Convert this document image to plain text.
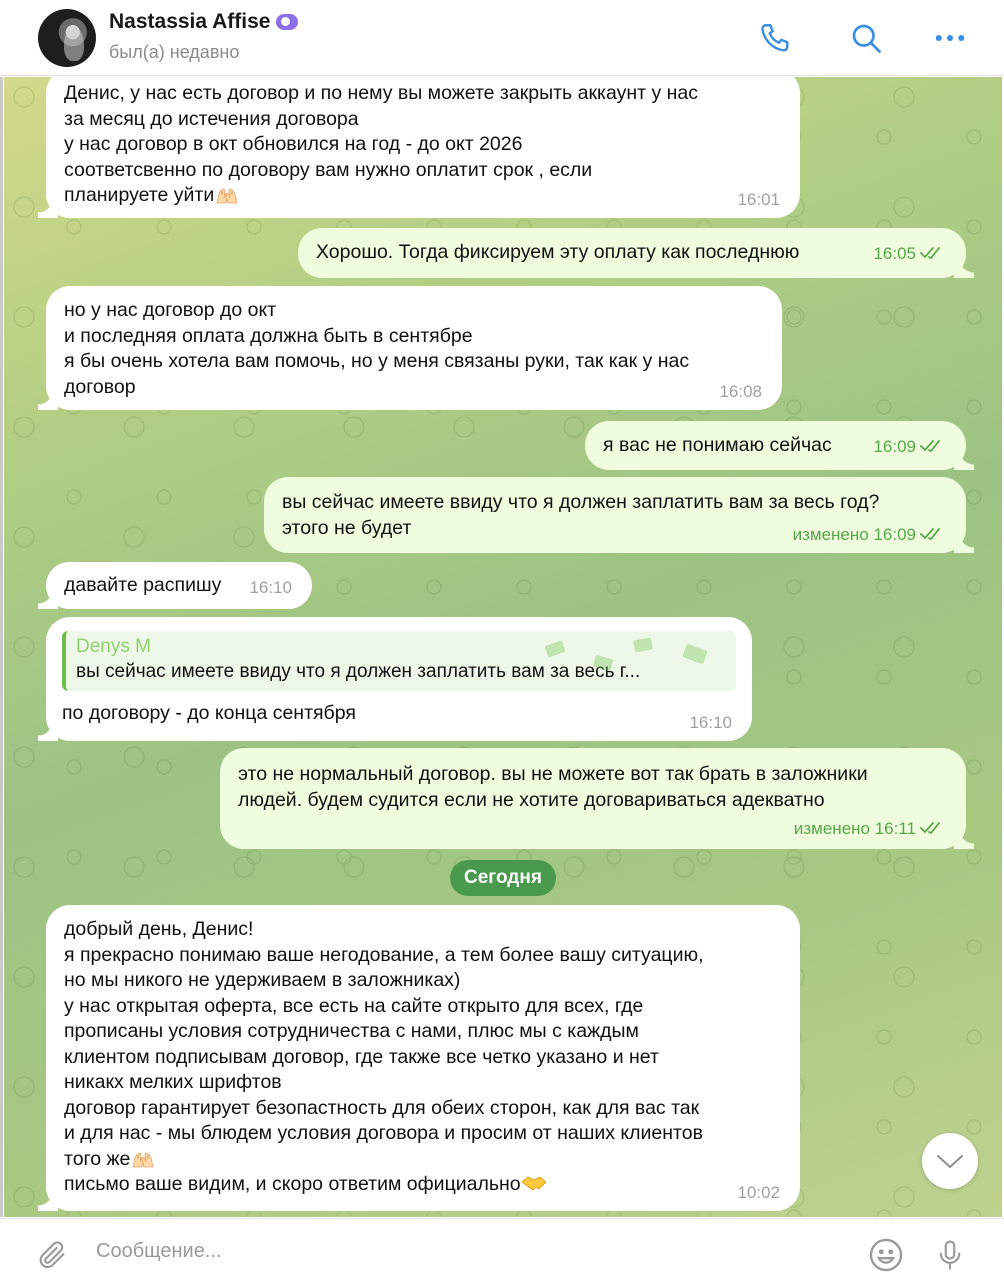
Nastassia Affise
был(а) недавно
Денис, у нас есть договор и по нему вы можете закрыть аккаунт у нас
за месяц до истечения договора
у нас договор в окт обновился на год - до окт 2026
соответсвенно по договору вам нужно оплатит срок , если
планируете уйти	16:01
Хорошо. Тогда фиксируем эту оплату как последнюю	16:05
но у нас договор до окт
и последняя оплата должна быть в сентябре
я бы очень хотела вам помочь, но у меня связаны руки, так как у нас
договор	16:08
я вас не понимаю сейчас	16:09
вы сейчас имеете ввиду что я должен заплатить вам за весь год?
этого не будет	изменено 16:09
давайте распишу	16:10
Denys M
вы сейчас имеете ввиду что я должен заплатить вам за весь г...
по договору - до конца сентября	16:10
это не нормальный договор. вы не можете вот так брать в заложники
людей. будем судится если не хотите договариваться адекватно
изменено 16:11
Сегодня
добрый день, Денис!
я прекрасно понимаю ваше негодование, а тем более вашу ситуацию,
но мы никого не удерживаем в заложниках)
у нас открытая оферта, все есть на сайте открыто для всех, где
прописаны условия сотрудничества с нами, плюс мы с каждым
клиентом подписывам договор, где также все четко указано и нет
никакх мелких шрифтов
договор гарантирует безопастность для обеих сторон, как для вас так
и для нас - мы блюдем условия договора и просим от наших клиентов
того же
письмо ваше видим, и скоро ответим официально	10:02
Сообщение...
